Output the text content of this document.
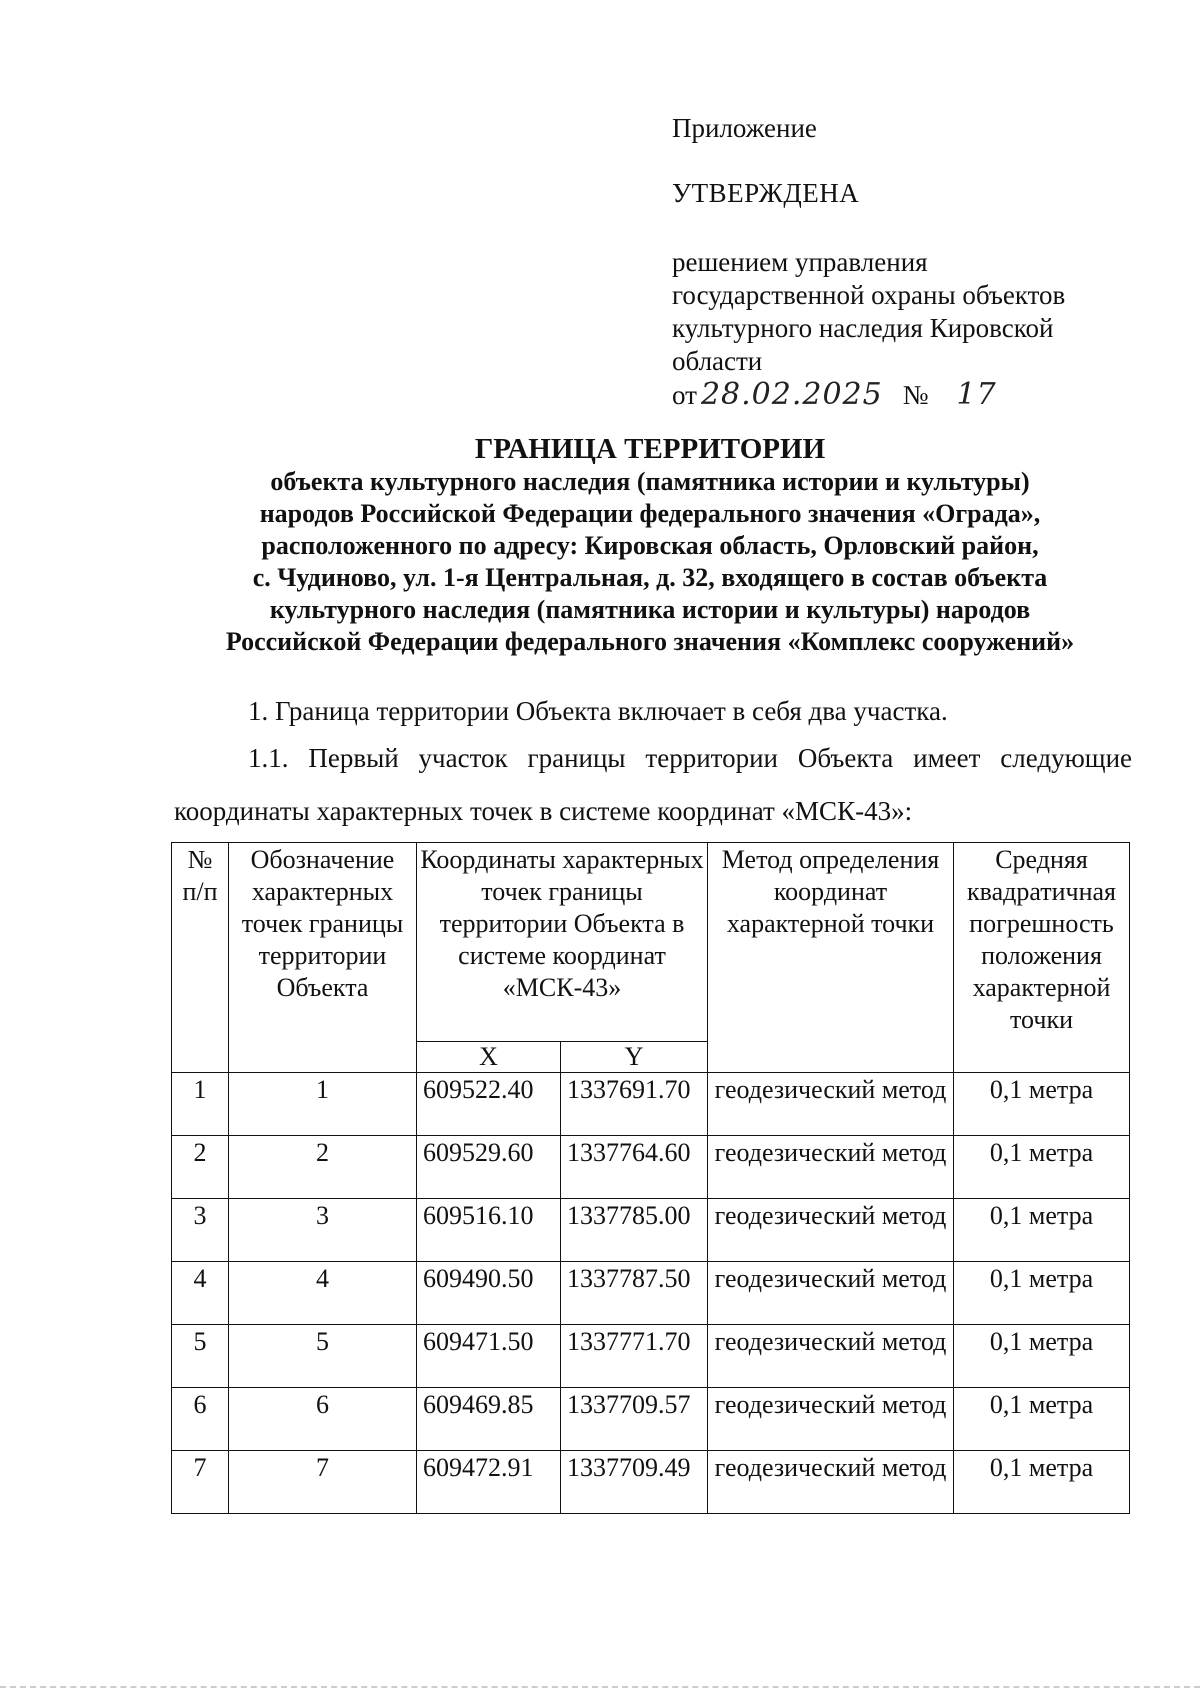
Приложение

УТВЕРЖДЕНА

решением управления

государственной охраны объектов

культурного наследия Кировской

области

от 28.02.2025 № 17

ГРАНИЦА ТЕРРИТОРИИ

объекта культурного наследия (памятника истории и культуры)

народов Российской Федерации федерального значения «Ограда»,

расположенного по адресу: Кировская область, Орловский район,

с. Чудиново, ул. 1-я Центральная, д. 32, входящего в состав объекта

культурного наследия (памятника истории и культуры) народов

Российской Федерации федерального значения «Комплекс сооружений»

1. Граница территории Объекта включает в себя два участка.

1.1. Первый участок границы территории Объекта имеет следующие

координаты характерных точек в системе координат «МСК-43»:

№ п/п	Обозначение характерных точек границы территории Объекта	Координаты характерных точек границы территории Объекта в системе координат «МСК-43»		Метод определения координат характерной точки	Средняя квадратичная погрешность положения характерной точки
		X	Y		
1	1	609522.40	1337691.70	геодезический метод	0,1 метра
2	2	609529.60	1337764.60	геодезический метод	0,1 метра
3	3	609516.10	1337785.00	геодезический метод	0,1 метра
4	4	609490.50	1337787.50	геодезический метод	0,1 метра
5	5	609471.50	1337771.70	геодезический метод	0,1 метра
6	6	609469.85	1337709.57	геодезический метод	0,1 метра
7	7	609472.91	1337709.49	геодезический метод	0,1 метра
